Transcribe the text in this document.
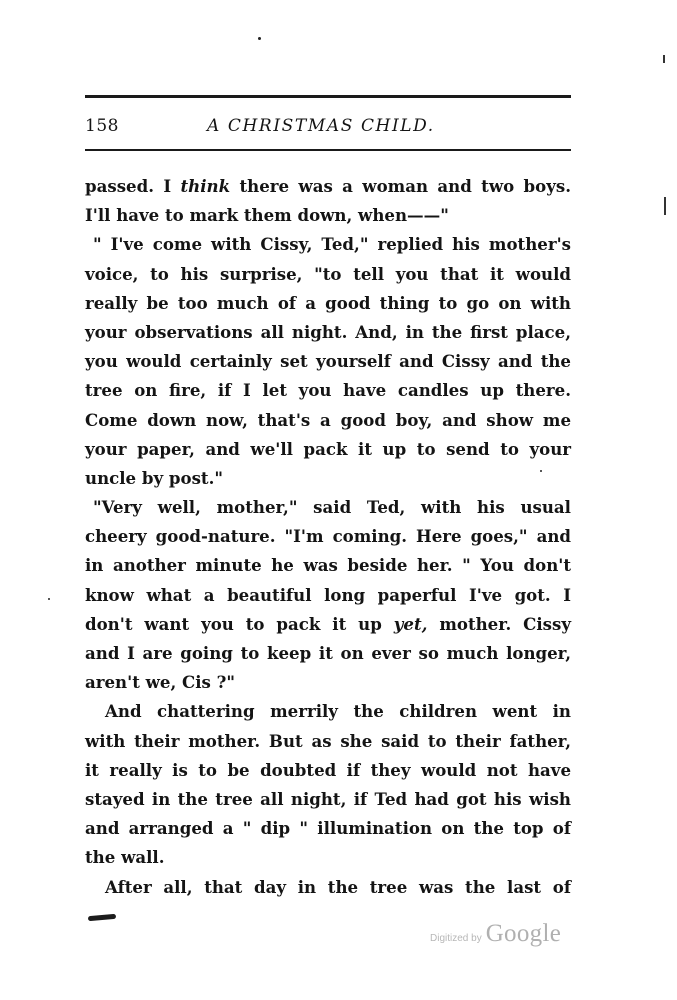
158	A CHRISTMAS CHILD.
passed. I think there was a woman and two boys.
I'll have to mark them down, when——"
" I've come with Cissy, Ted," replied his mother's
voice, to his surprise, "to tell you that it would
really be too much of a good thing to go on with
your observations all night. And, in the first place,
you would certainly set yourself and Cissy and the
tree on fire, if I let you have candles up there.
Come down now, that's a good boy, and show me
your paper, and we'll pack it up to send to your
uncle by post."
"Very well, mother," said Ted, with his usual
cheery good-nature. "I'm coming. Here goes," and
in another minute he was beside her. " You don't
know what a beautiful long paperful I've got. I
don't want you to pack it up yet, mother. Cissy
and I are going to keep it on ever so much longer,
aren't we, Cis ?"
And chattering merrily the children went in
with their mother. But as she said to their father,
it really is to be doubted if they would not have
stayed in the tree all night, if Ted had got his wish
and arranged a " dip " illumination on the top of
the wall.
After all, that day in the tree was the last of
Digitized by Google
